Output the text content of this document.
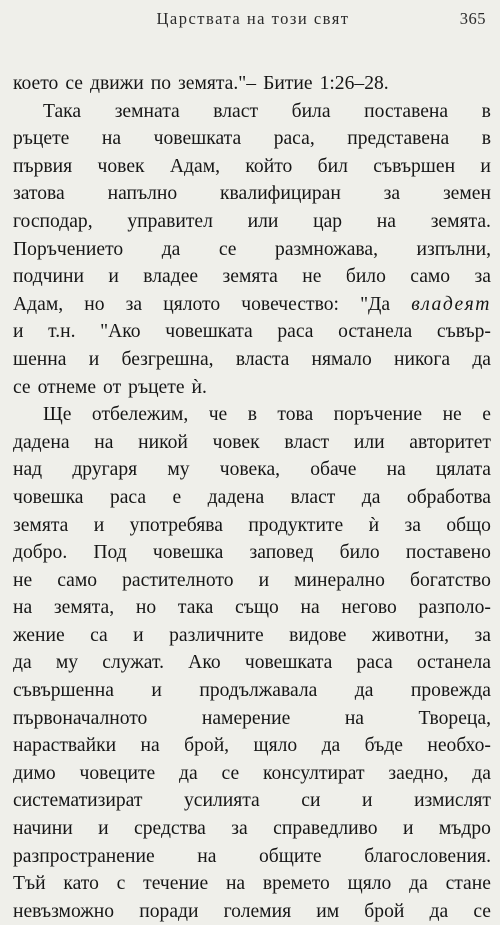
Царствата на този свят	365
което се движи по земята."– Битие 1:26–28.
Така земната власт била поставена в
ръцете на човешката раса, представена в
първия човек Адам, който бил съвършен и
затова напълно квалифициран за земен
господар, управител или цар на земята.
Поръчението да се размножава, изпълни,
подчини и владее земята не било само за
Адам, но за цялото човечество: "Да владеят
и т.н. "Ако човешката раса останела съвър-
шенна и безгрешна, властa нямало никога да
се отнеме от ръцете ѝ.
Ще отбележим, че в това поръчение не е
дадена на никой човек власт или авторитет
над другаря му човека, обаче на цялата
човешка раса е дадена власт да обработва
земята и употребява продуктите ѝ за общо
добро. Под човешка заповед било поставено
не само растителното и минерално богатство
на земята, но така също на негово разполо-
жение са и различните видове животни, за
да му служат. Ако човешката раса останела
съвършенна и продължавала да провежда
първоначалното	намерение	на	Твореца,
нараствайки на брой, щяло да бъде необхо-
димо човеците да се консултират заедно, да
систематизират усилията си и измислят
начини и средства за справедливо и мъдро
разпространение на общите благословения.
Тъй като с течение на времето щяло да стане
невъзможно поради големия им брой да се
